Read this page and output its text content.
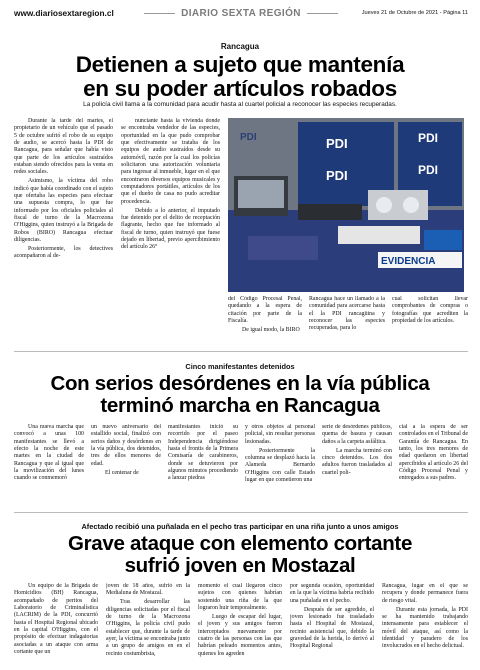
www.diariosextaregion.cl	DIARIO SEXTA REGIÓN	Jueves 21 de Octubre de 2021 - Página 11
Rancagua
Detienen a sujeto que mantenía
en su poder artículos robados
La policía civil llama a la comunidad para acudir hasta al cuartel policial a reconocer las especies recuperadas.

Durante la tarde del martes, el propietario de un vehículo que el pasado 5 de octubre sufrió el robo de su equipo de audio, se acercó hasta la PDI de Rancagua, para señalar que había visto que parte de los artículos sustraídos estaban siendo ofrecidos para la venta en redes sociales.

Asimismo, la víctima del robo indicó que había coordinado con el sujeto que ofertaba las especies para efectuar una supuesta compra, lo que fue informado por los oficiales policiales al fiscal de turno de la Macrozona O'Higgins, quien instruyó a la Brigada de Robos (BIRO) Rancagua efectuar diligencias.

Posteriormente, los detectives acompañaron al de-

nunciante hasta la vivienda donde se encontraba vendedor de las especies, oportunidad en la que pudo comprobar que efectivamente se trataba de los equipos de audio sustraídos desde su automóvil, razón por la cual los policías solicitaron una autorización voluntaria para ingresar al inmueble, lugar en el que encontraron diversos equipos musicales y computadores portátiles, artículos de los que el dueño de casa no pudo acreditar procedencia.

Debido a lo anterior, el imputado fue detenido por el delito de receptación flagrante, hecho que fue informado al fiscal de turno, quien instruyó que fuese dejado en libertad, previo apercibimiento del artículo 26°

PDI
PDI
PDI
PDI
PDI
EVIDENCIA

del Código Procesal Penal, quedando a la espera de citación por parte de la Fiscalía.

De igual modo, la BIRO

Rancagua hace un llamado a la comunidad para acercarse hasta el la PDI rancagüina y reconocer las especies recuperadas, para lo

cual solicitan llevar comprobantes de compras o fotografías que acrediten la propiedad de los artículos.

Cinco manifestantes detenidos
Con serios desórdenes en la vía pública
terminó marcha en Rancagua

Una nueva marcha que convocó a unas 100 manifestantes se llevó a efecto la noche de este martes en la ciudad de Rancagua y que al igual que la movilización del lunes cuando se conmemoró

un nuevo aniversario del estallido social, finalizó con serios daños y desórdenes en la vía pública, dos detenidos, tres de ellos menores de edad.

El centenar de

manifestantes inició su recorrido por el paseo Independencia dirigiéndose hasta el frontis de la Primera Comisaría de carabineros, donde se detuvieron por algunos minutos procediendo a lanzar piedras

y otros objetos al personal policial, sin resultar personas lesionadas.

Posteriormente la columna se desplazó hacia la Alameda Bernardo O'Higgins con calle Estado lugar en que cometieron una

serie de desórdenes públicos, quema de basura y causan daños a la carpeta asfáltica.

La marcha terminó con cinco detenidos. Los dos adultos fueron trasladados al cuartel poli-

cial a la espera de ser controlados en el Tribunal de Garantía de Rancagua. En tanto, los tres menores de edad quedaron en libertad apercibidos al artículo 26 del Código Procesal Penal y entregados a sus padres.

Afectado recibió una puñalada en el pecho tras participar en una riña junto a unos amigos
Grave ataque con elemento cortante
sufrió joven en Mostazal

Un equipo de la Brigada de Homicidios (BH) Rancagua, acompañado de peritos del Laboratorio de Criminalística (LACRIM) de la PDI, concurrió hasta el Hospital Regional ubicado en la capital O'Higgins, con el propósito de efectuar indagatorias asociadas a un ataque con arma cortante que un

joven de 18 años, sufrió en la Medialuna de Mostazal.

Tras desarrollar las diligencias solicitadas por el fiscal de turno de la Macrozona O'Higgins, la policía civil pudo establecer que, durante la tarde de ayer, la víctima se encontraba junto a un grupo de amigos en en el recinto costumbrista,

momento el cual llegaron cinco sujetos con quienes habrían sostenido una riña de la que lograron huir temporalmente.

Luego de escapar del lugar, el joven y sus amigos fueron interceptados nuevamente por cuatro de las personas con las que habrían peleado momentos antes, quienes los agreden

por segunda ocasión, oportunidad en la que la víctima habría recibido una puñalada en el pecho.

Después de ser agredido, el joven lesionado fue trasladado hasta el Hospital de Mostazal, recinto asistencial que, debido la gravedad de la herida, lo derivó al Hospital Regional

Rancagua, lugar en el que se recupera y donde permanece fuera de riesgo vital.

Durante esta jornada, la PDI se ha mantenido trabajando intensamente para establecer el móvil del ataque, así como la identidad y paradero de los involucrados en el hecho delictual.
